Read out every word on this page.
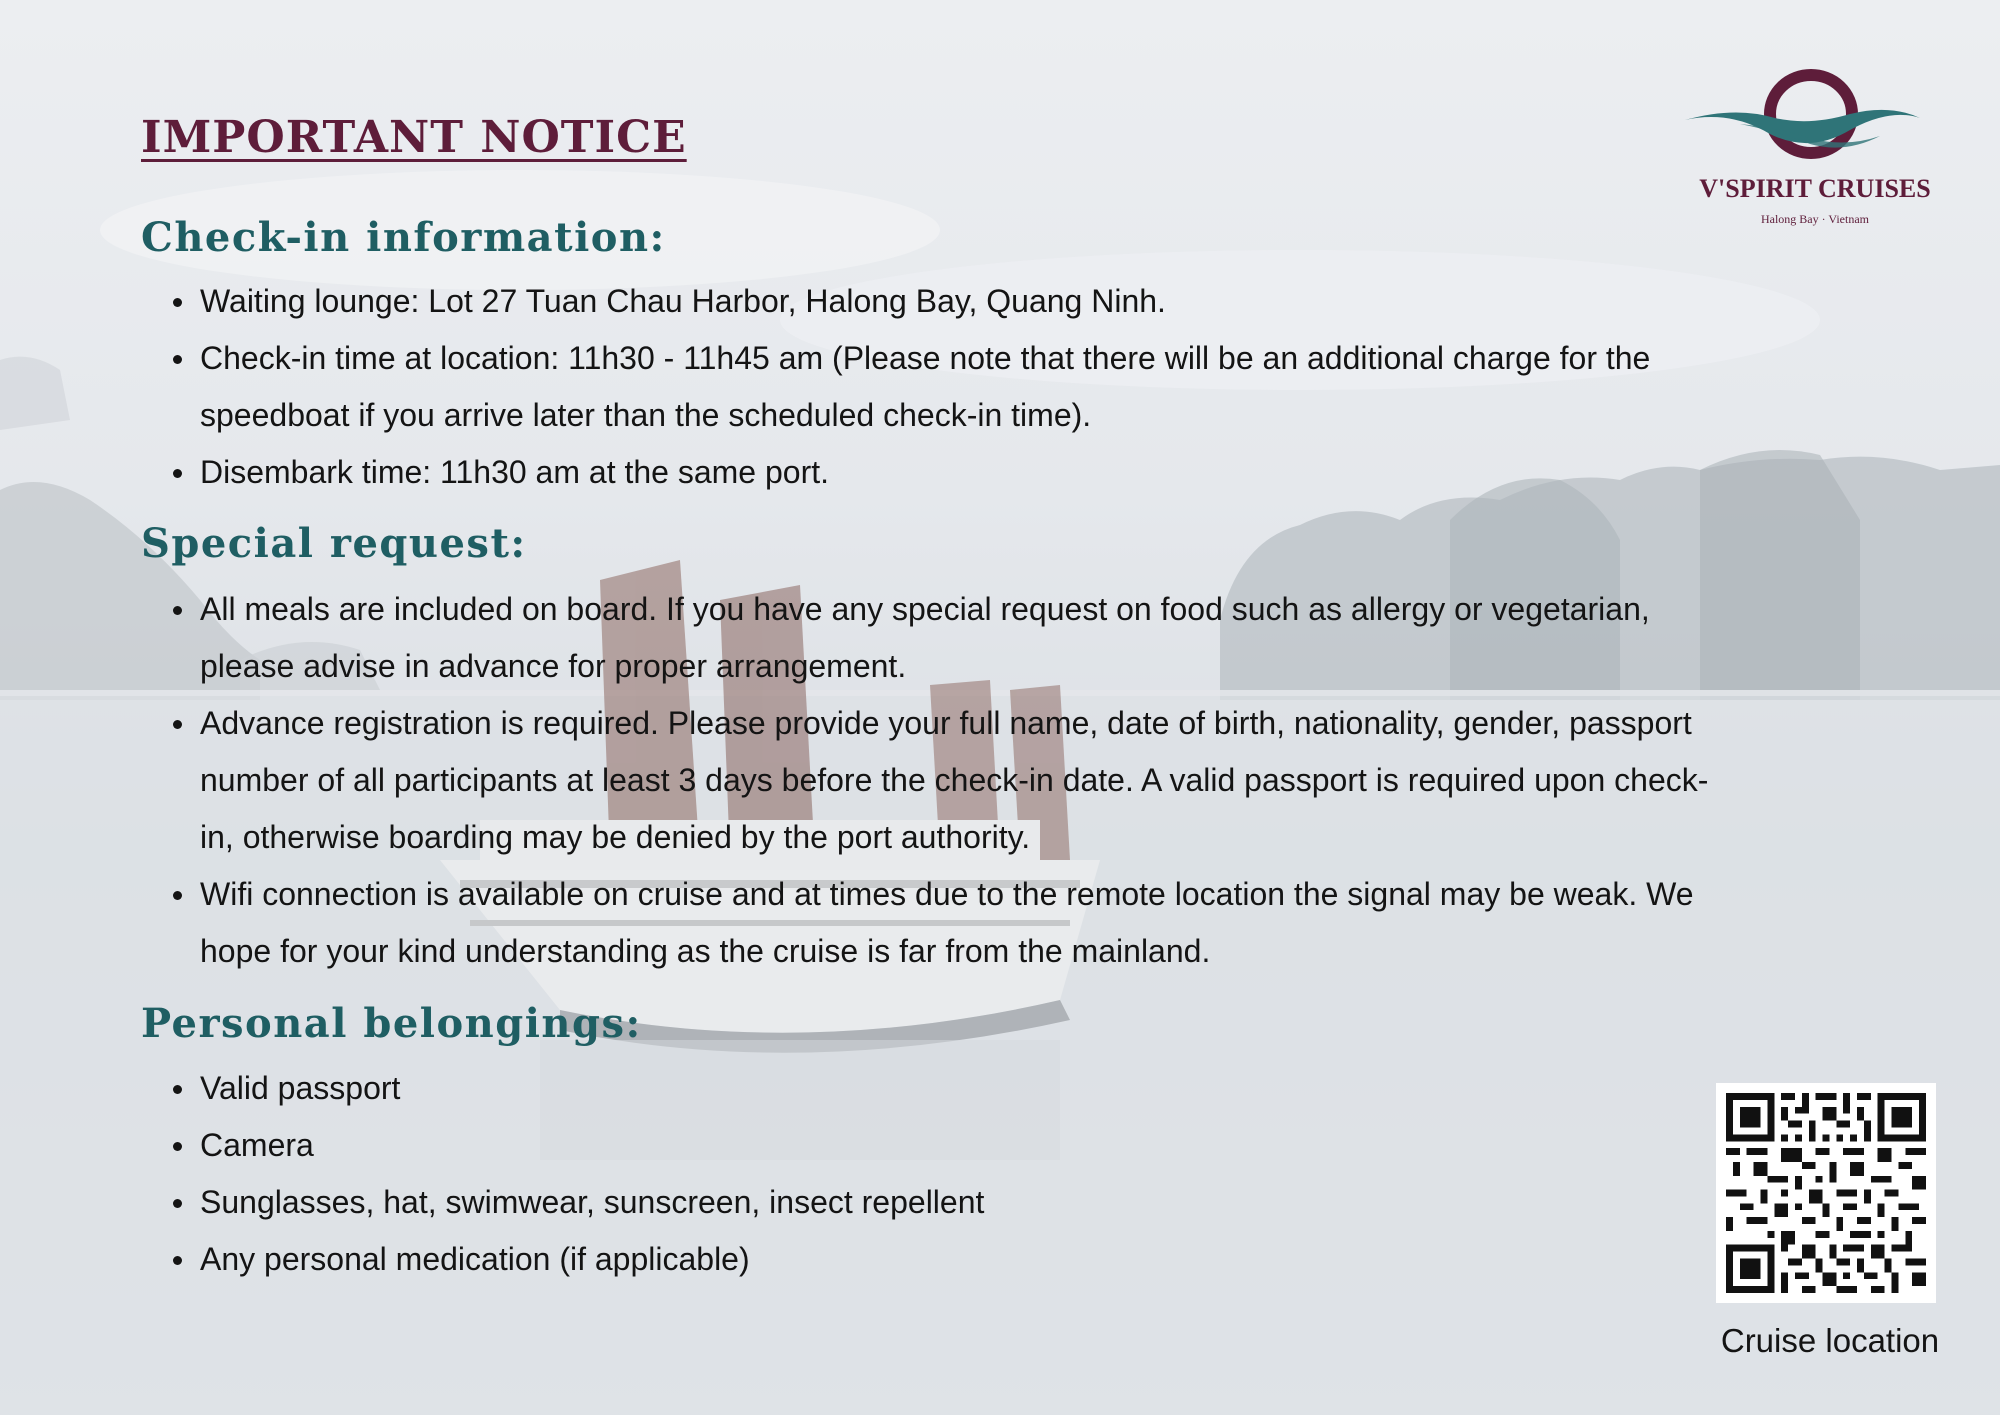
IMPORTANT NOTICE
V'SPIRIT CRUISES
Halong Bay · Vietnam
Check-in information:
Waiting lounge: Lot 27 Tuan Chau Harbor, Halong Bay, Quang Ninh.
Check-in time at location: 11h30 - 11h45 am (Please note that there will be an additional charge for the speedboat if you arrive later than the scheduled check-in time).
Disembark time: 11h30 am at the same port.
Special request:
All meals are included on board. If you have any special request on food such as allergy or vegetarian, please advise in advance for proper arrangement.
Advance registration is required. Please provide your full name, date of birth, nationality, gender, passport number of all participants at least 3 days before the check-in date. A valid passport is required upon check-in, otherwise boarding may be denied by the port authority.
Wifi connection is available on cruise and at times due to the remote location the signal may be weak. We hope for your kind understanding as the cruise is far from the mainland.
Personal belongings:
Valid passport
Camera
Sunglasses, hat, swimwear, sunscreen, insect repellent
Any personal medication (if applicable)
Cruise location
